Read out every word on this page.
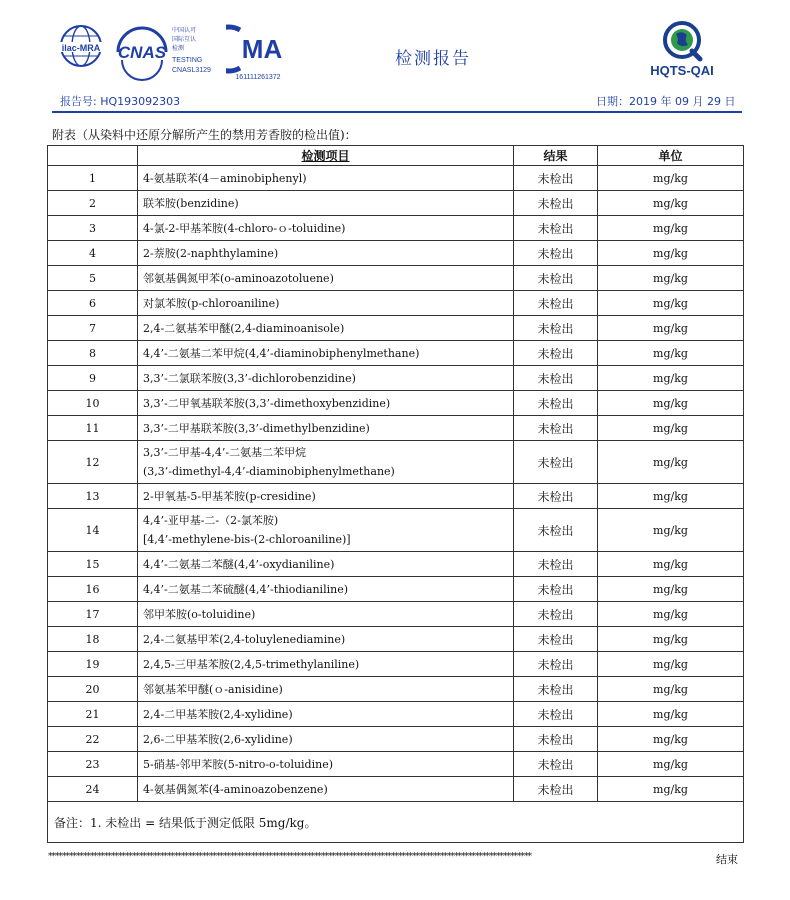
ilac-MRA CNAS
中国认可
国际互认
检测
TESTING
CNASL3129
MA
161111261372
检测报告
HQTS-QAI
报告号: HQ193092303	日期：2019 年 09 月 29 日
附表（从染料中还原分解所产生的禁用芳香胺的检出值)：
	检测项目	结果	单位
1	4-氨基联苯(4－aminobiphenyl)	未检出	mg/kg
2	联苯胺(benzidine)	未检出	mg/kg
3	4-氯-2-甲基苯胺(4-chloro-ｏ-toluidine)	未检出	mg/kg
4	2-萘胺(2-naphthylamine)	未检出	mg/kg
5	邻氨基偶氮甲苯(o-aminoazotoluene)	未检出	mg/kg
6	对氯苯胺(p-chloroaniline)	未检出	mg/kg
7	2,4-二氨基苯甲醚(2,4-diaminoanisole)	未检出	mg/kg
8	4,4’-二氨基二苯甲烷(4,4’-diaminobiphenylmethane)	未检出	mg/kg
9	3,3’-二氯联苯胺(3,3’-dichlorobenzidine)	未检出	mg/kg
10	3,3’-二甲氧基联苯胺(3,3’-dimethoxybenzidine)	未检出	mg/kg
11	3,3’-二甲基联苯胺(3,3’-dimethylbenzidine)	未检出	mg/kg
12	3,3’-二甲基-4,4’-二氨基二苯甲烷
(3,3’-dimethyl-4,4’-diaminobiphenylmethane)	未检出	mg/kg
13	2-甲氧基-5-甲基苯胺(p-cresidine)	未检出	mg/kg
14	4,4’-亚甲基-二-（2-氯苯胺)
[4,4’-methylene-bis-(2-chloroaniline)]	未检出	mg/kg
15	4,4’-二氨基二苯醚(4,4’-oxydianiline)	未检出	mg/kg
16	4,4’-二氨基二苯硫醚(4,4’-thiodianiline)	未检出	mg/kg
17	邻甲苯胺(o-toluidine)	未检出	mg/kg
18	2,4-二氨基甲苯(2,4-toluylenediamine)	未检出	mg/kg
19	2,4,5-三甲基苯胺(2,4,5-trimethylaniline)	未检出	mg/kg
20	邻氨基苯甲醚(ｏ-anisidine)	未检出	mg/kg
21	2,4-二甲基苯胺(2,4-xylidine)	未检出	mg/kg
22	2,6-二甲基苯胺(2,6-xylidine)	未检出	mg/kg
23	5-硝基-邻甲苯胺(5-nitro-o-toluidine)	未检出	mg/kg
24	4-氨基偶氮苯(4-aminoazobenzene)	未检出	mg/kg
备注：1. 未检出 = 结果低于测定低限 5mg/kg。			
******************************************************************************************************************************************	结束
